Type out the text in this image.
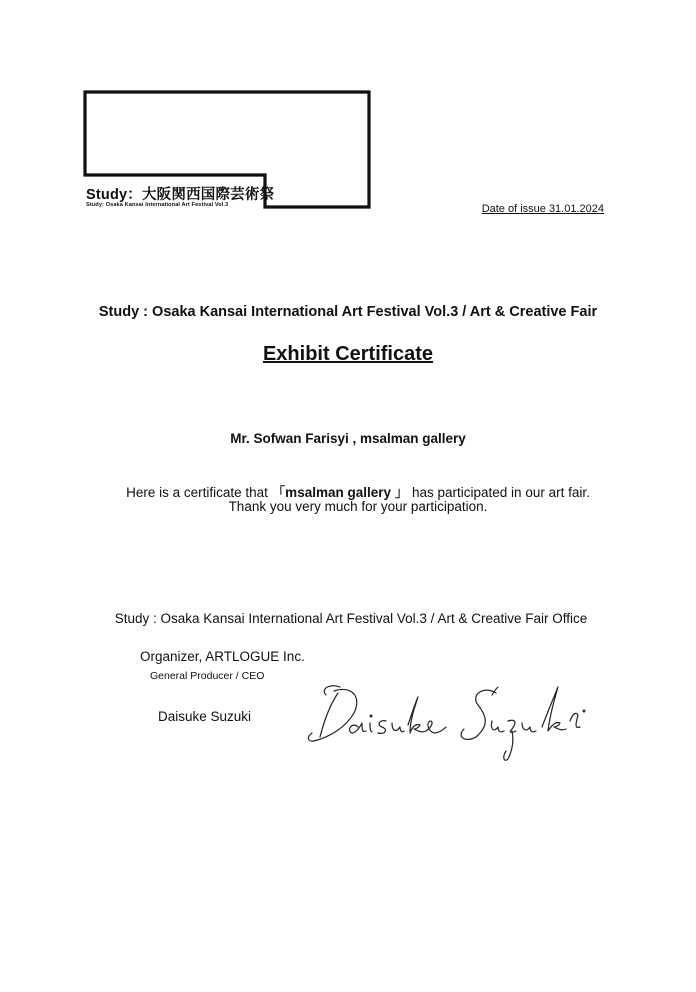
Study：大阪関西国際芸術祭
Study: Osaka Kansai International Art Festival Vol.3	Date of issue 31.01.2024
Study : Osaka Kansai International Art Festival Vol.3 / Art & Creative Fair
Exhibit Certificate
Mr. Sofwan Farisyi , msalman gallery
Here is a certificate that 「msalman gallery 」 has participated in our art fair.
Thank you very much for your participation.
Study : Osaka Kansai International Art Festival Vol.3 / Art & Creative Fair Office
Organizer, ARTLOGUE Inc.
General Producer / CEO
Daisuke Suzuki
